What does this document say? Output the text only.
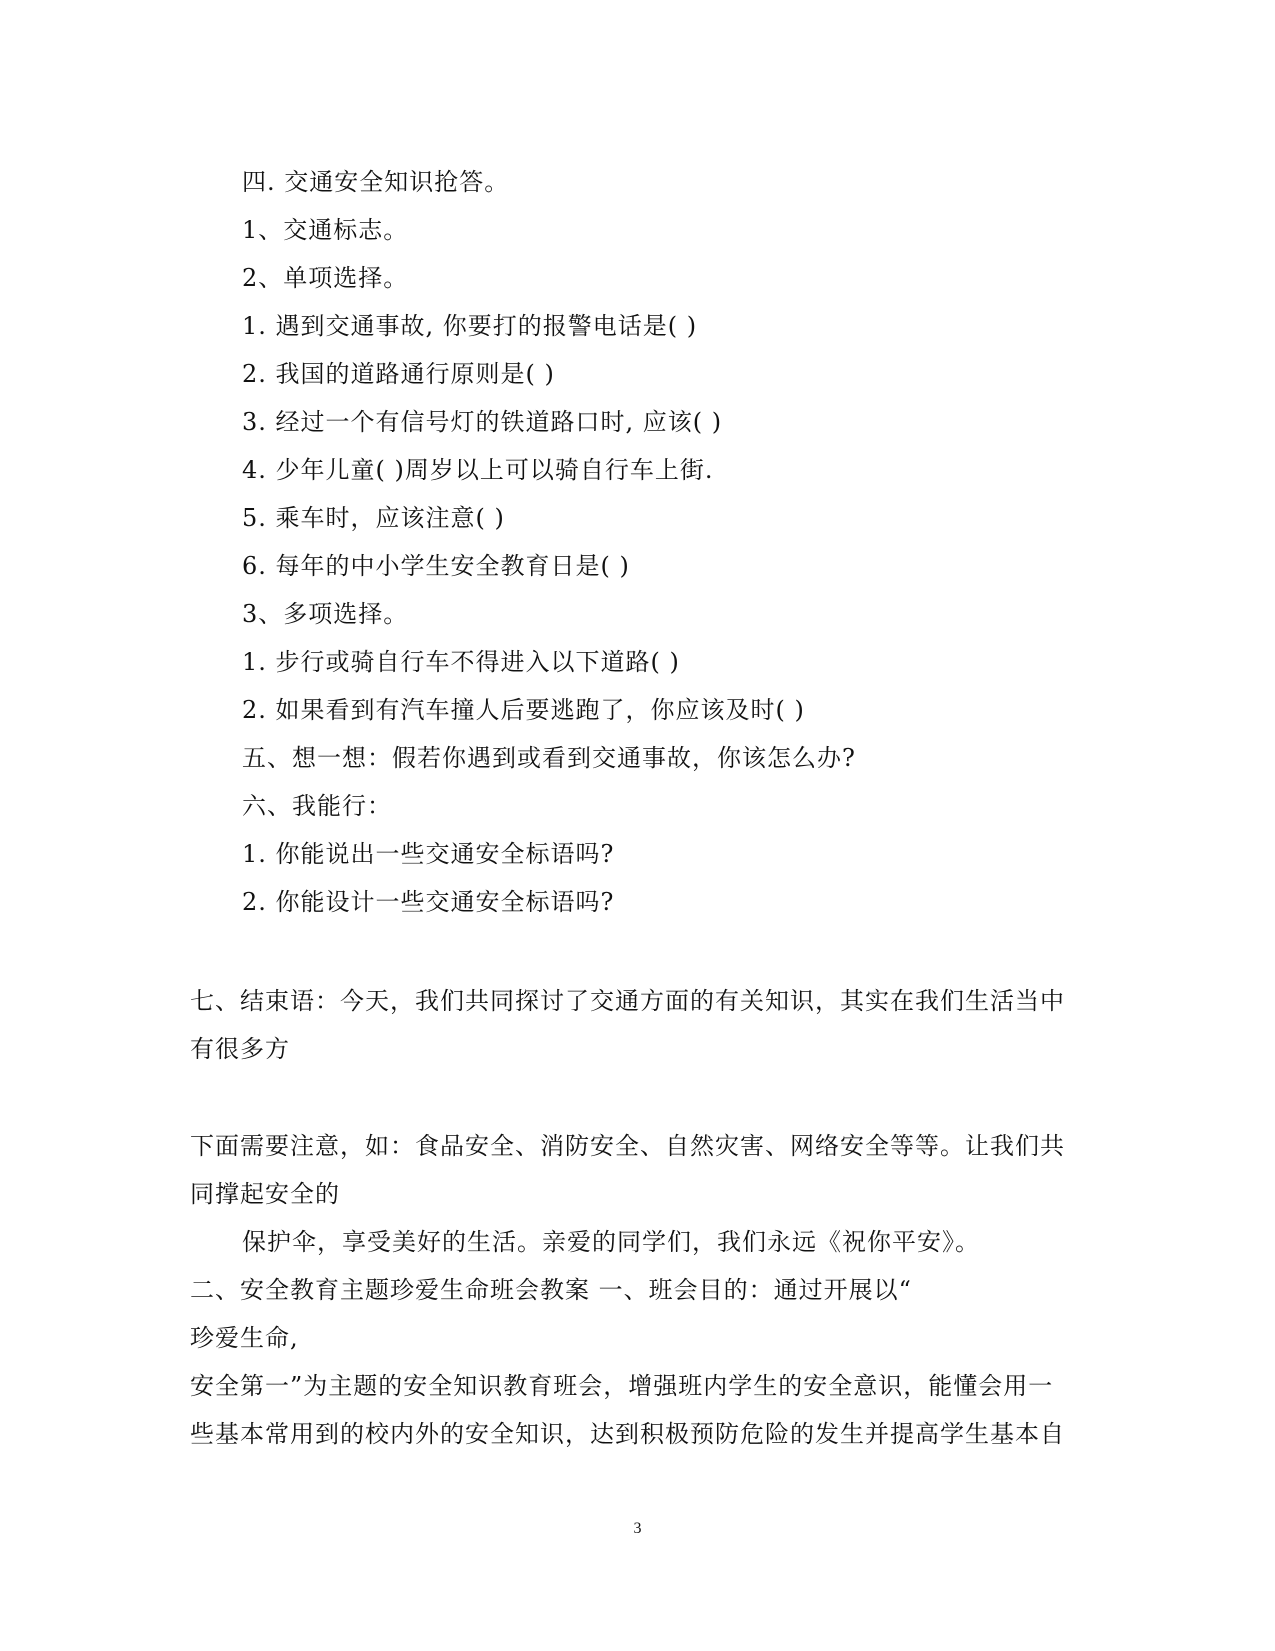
四. 交通安全知识抢答。
1、交通标志。
2、单项选择。
1. 遇到交通事故, 你要打的报警电话是( )
2. 我国的道路通行原则是( )
3. 经过一个有信号灯的铁道路口时, 应该( )
4. 少年儿童( )周岁以上可以骑自行车上街.
5. 乘车时，应该注意( )
6. 每年的中小学生安全教育日是( )
3、多项选择。
1. 步行或骑自行车不得进入以下道路( )
2. 如果看到有汽车撞人后要逃跑了，你应该及时( )
五、想一想：假若你遇到或看到交通事故，你该怎么办?
六、我能行：
1. 你能说出一些交通安全标语吗?
2. 你能设计一些交通安全标语吗?
七、结束语：今天，我们共同探讨了交通方面的有关知识，其实在我们生活当中
有很多方
下面需要注意，如：食品安全、消防安全、自然灾害、网络安全等等。让我们共
同撑起安全的
保护伞，享受美好的生活。亲爱的同学们，我们永远《祝你平安》。
二、安全教育主题珍爱生命班会教案 一、班会目的：通过开展以“
珍爱生命,
安全第一”为主题的安全知识教育班会，增强班内学生的安全意识，能懂会用一
些基本常用到的校内外的安全知识，达到积极预防危险的发生并提高学生基本自
3
